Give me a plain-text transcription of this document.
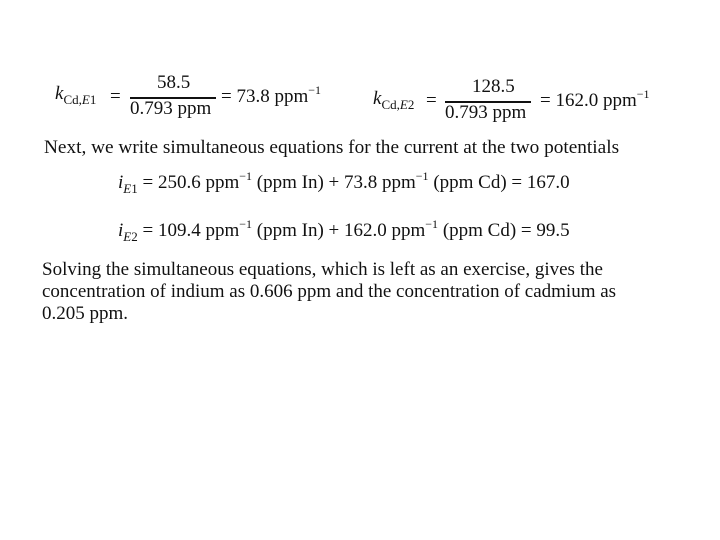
$k_{Cd,E1}$ =
58.5
0.793 ppm
= 73.8 ppm$^{-1}$	$k_{Cd,E2}$ =
128.5
0.793 ppm
= 162.0 ppm$^{-1}$
Next, we write simultaneous equations for the current at the two potentials
$i_{E1} = 250.6$ ppm$^{-1}$ (ppm In) + 73.8 ppm$^{-1}$ (ppm Cd) = 167.0
$i_{E2} = 109.4$ ppm$^{-1}$ (ppm In) + 162.0 ppm$^{-1}$ (ppm Cd) = 99.5
Solving the simultaneous equations, which is left as an exercise, gives the
concentration of indium as 0.606 ppm and the concentration of cadmium as
0.205 ppm.
